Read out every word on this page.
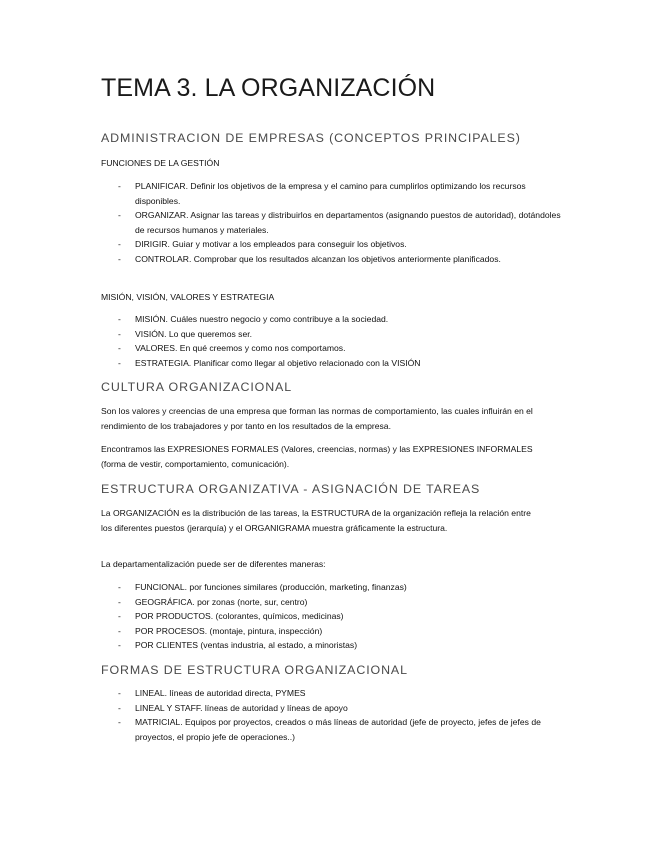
TEMA 3. LA ORGANIZACIÓN
ADMINISTRACION DE EMPRESAS (CONCEPTOS PRINCIPALES)
FUNCIONES DE LA GESTIÓN
- PLANIFICAR. Definir los objetivos de la empresa y el camino para cumplirlos optimizando los recursos disponibles.
- ORGANIZAR. Asignar las tareas y distribuirlos en departamentos (asignando puestos de autoridad), dotándoles de recursos humanos y materiales.
- DIRIGIR. Guiar y motivar a los empleados para conseguir los objetivos.
- CONTROLAR. Comprobar que los resultados alcanzan los objetivos anteriormente planificados.
MISIÓN, VISIÓN, VALORES Y ESTRATEGIA
- MISIÓN. Cuáles nuestro negocio y como contribuye a la sociedad.
- VISIÓN. Lo que queremos ser.
- VALORES. En qué creemos y como nos comportamos.
- ESTRATEGIA. Planificar como llegar al objetivo relacionado con la VISIÓN
CULTURA ORGANIZACIONAL

Son los valores y creencias de una empresa que forman las normas de comportamiento, las cuales influirán en el rendimiento de los trabajadores y por tanto en los resultados de la empresa.

Encontramos las EXPRESIONES FORMALES (Valores, creencias, normas) y las EXPRESIONES INFORMALES (forma de vestir, comportamiento, comunicación).

ESTRUCTURA ORGANIZATIVA - ASIGNACIÓN DE TAREAS

La ORGANIZACIÓN es la distribución de las tareas, la ESTRUCTURA de la organización refleja la relación entre los diferentes puestos (jerarquía) y el ORGANIGRAMA muestra gráficamente la estructura.

La departamentalización puede ser de diferentes maneras:

- FUNCIONAL. por funciones similares (producción, marketing, finanzas)
- GEOGRÁFICA. por zonas (norte, sur, centro)
- POR PRODUCTOS. (colorantes, químicos, medicinas)
- POR PROCESOS. (montaje, pintura, inspección)
- POR CLIENTES (ventas industria, al estado, a minoristas)
FORMAS DE ESTRUCTURA ORGANIZACIONAL
- LINEAL. líneas de autoridad directa, PYMES
- LINEAL Y STAFF. líneas de autoridad y líneas de apoyo
- MATRICIAL. Equipos por proyectos, creados o más líneas de autoridad (jefe de proyecto, jefes de jefes de proyectos, el propio jefe de operaciones..)
